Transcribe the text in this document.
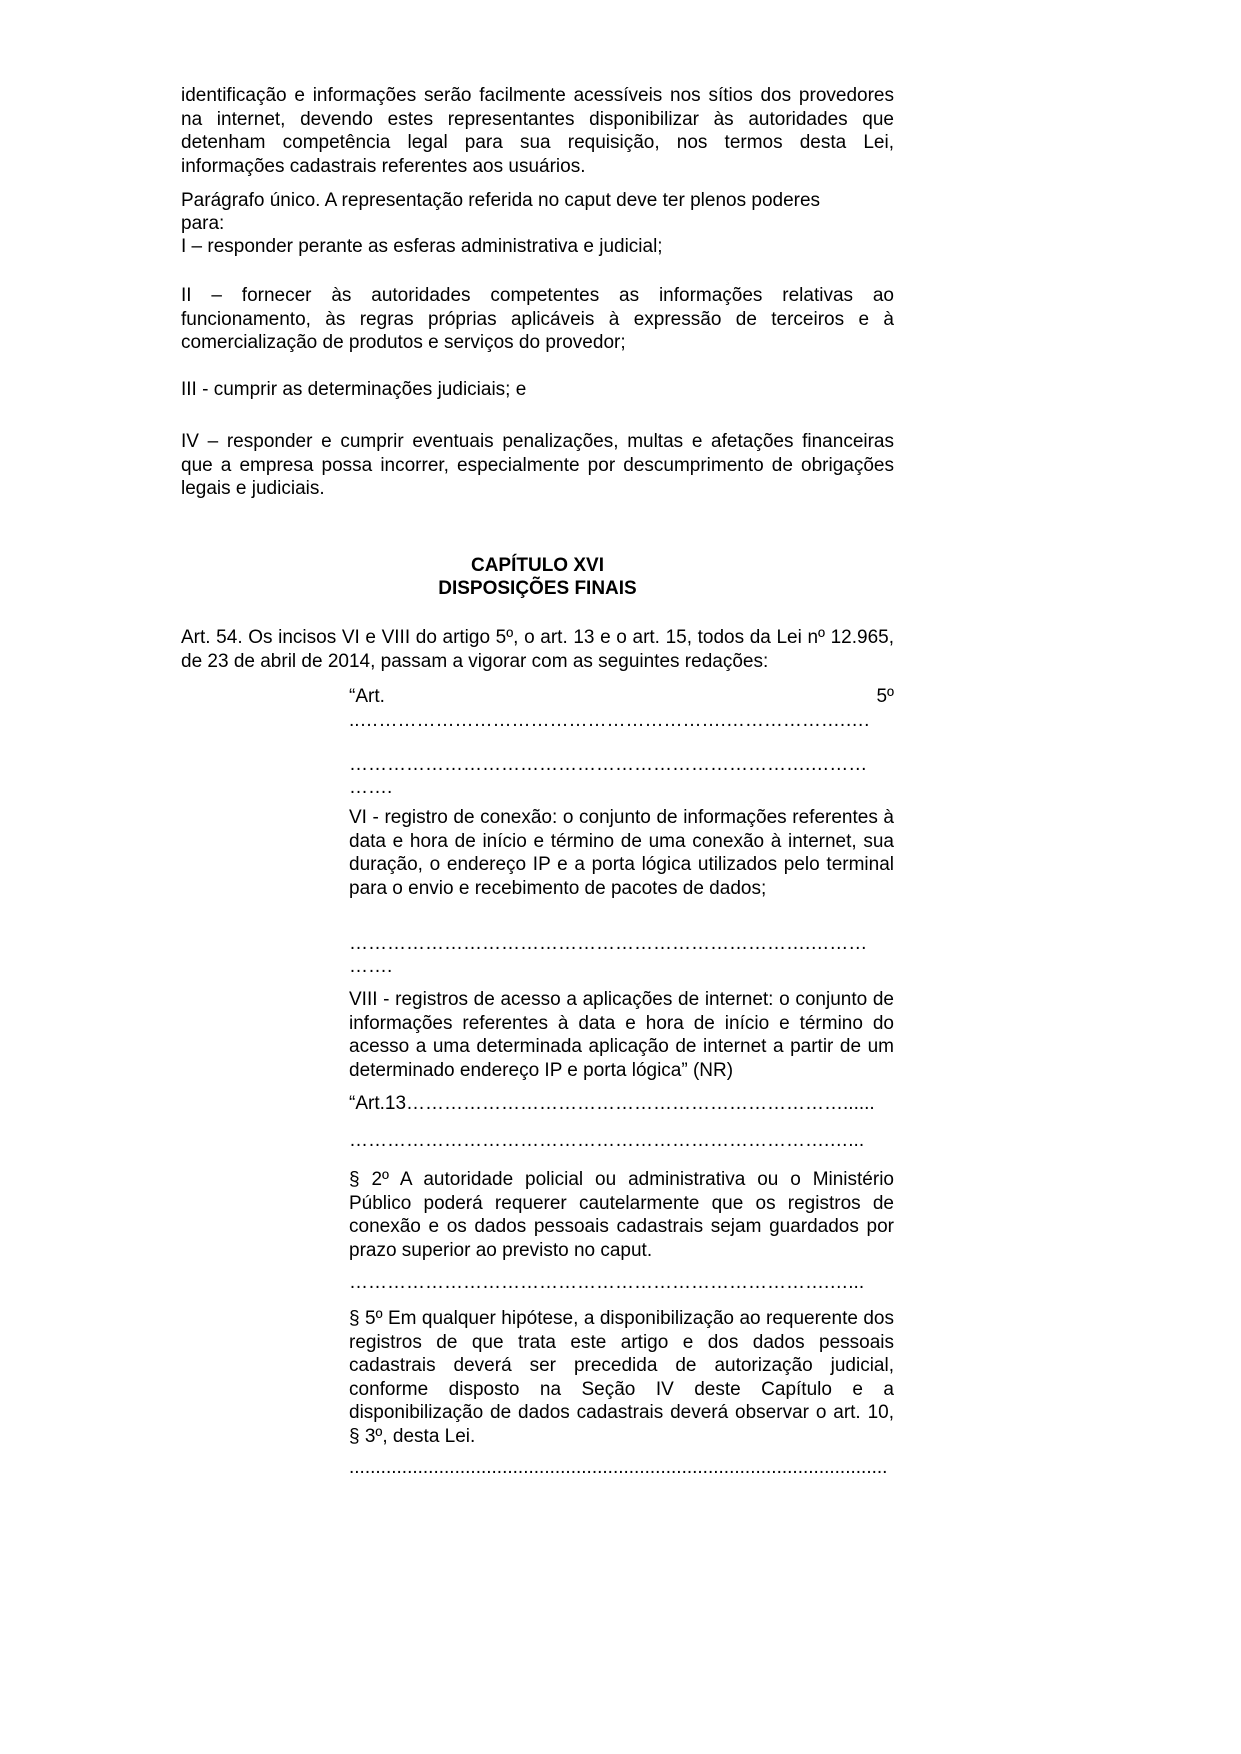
identificação e informações serão facilmente acessíveis nos sítios dos provedores na internet, devendo estes representantes disponibilizar às autoridades que detenham competência legal para sua requisição, nos termos desta Lei, informações cadastrais referentes aos usuários.

Parágrafo único. A representação referida no caput deve ter plenos poderes

para:

I – responder perante as esferas administrativa e judicial;

II – fornecer às autoridades competentes as informações relativas ao funcionamento, às regras próprias aplicáveis à expressão de terceiros e à comercialização de produtos e serviços do provedor;

III - cumprir as determinações judiciais; e

IV – responder e cumprir eventuais penalizações, multas e afetações financeiras que a empresa possa incorrer, especialmente por descumprimento de obrigações legais e judiciais.

CAPÍTULO XVI

DISPOSIÇÕES FINAIS

Art. 54. Os incisos VI e VIII do artigo 5º, o art. 13 e o art. 15, todos da Lei nº 12.965, de 23 de abril de 2014, passam a vigorar com as seguintes redações:

“Art.	5º

..………………………………………………….……………….….

……………………………………………………………….………

…….

VI - registro de conexão: o conjunto de informações referentes à data e hora de início e término de uma conexão à internet, sua duração, o endereço IP e a porta lógica utilizados pelo terminal para o envio e recebimento de pacotes de dados;

……………………………………………………………….………

…….

VIII - registros de acesso a aplicações de internet: o conjunto de informações referentes à data e hora de início e término do acesso a uma determinada aplicação de internet a partir de um determinado endereço IP e porta lógica” (NR)

“Art.13……………………………………………………………......

………………………………………………………………….…...

§ 2º A autoridade policial ou administrativa ou o Ministério Público poderá requerer cautelarmente que os registros de conexão e os dados pessoais cadastrais sejam guardados por prazo superior ao previsto no caput.

………………………………………………………………….…...

§ 5º Em qualquer hipótese, a disponibilização ao requerente dos registros de que trata este artigo e dos dados pessoais cadastrais deverá ser precedida de autorização judicial, conforme disposto na Seção IV deste Capítulo e a disponibilização de dados cadastrais deverá observar o art. 10, § 3º, desta Lei.

......................................................................................................
